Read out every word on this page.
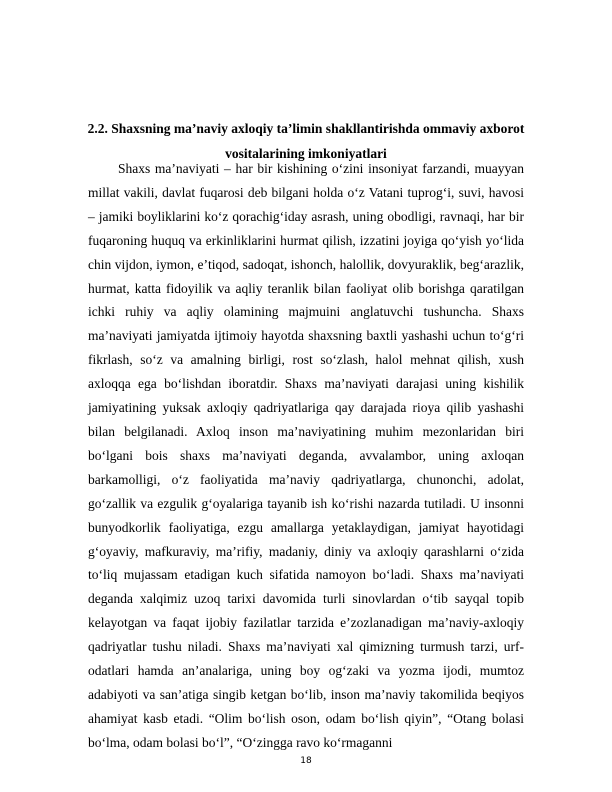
2.2. Shaxsning ma’naviy axloqiy ta’limin shakllantirishda ommaviy axborot
vositalarining imkoniyatlari

Shaxs maʼnaviyati – har bir kishining oʻzini insoniyat farzandi, muayyan millat vakili, davlat fuqarosi deb bilgani holda oʻz Vatani tuprogʻi, suvi, havosi – jamiki boyliklarini koʻz qorachigʻiday asrash, uning obodligi, ravnaqi, har bir fuqaroning huquq va erkinliklarini hurmat qilish, izzatini joyiga qoʻyish yoʻlida chin vijdon, iymon, eʼtiqod, sadoqat, ishonch, halollik, dovyuraklik, begʻarazlik, hurmat, katta fidoyilik va aqliy teranlik bilan faoliyat olib borishga qaratilgan ichki ruhiy va aqliy olamining majmuini anglatuvchi tushuncha. Shaxs maʼnaviyati jamiyatda ijtimoiy hayotda shaxsning baxtli yashashi uchun toʻgʻri fikrlash, soʻz va amalning birligi, rost soʻzlash, halol mehnat qilish, xush axloqqa ega boʻlishdan iboratdir. Shaxs maʼnaviyati darajasi uning kishilik jamiyatining yuksak axloqiy qadriyatlariga qay darajada rioya qilib yashashi bilan belgilanadi. Axloq inson maʼnaviyatining muhim mezonlaridan biri boʻlgani bois shaxs maʼnaviyati deganda, avvalambor, uning axloqan barkamolligi, oʻz faoliyatida maʼnaviy qadriyatlarga, chunonchi, adolat, goʻzallik va ezgulik gʻoyalariga tayanib ish koʻrishi nazarda tutiladi. U insonni bunyodkorlik faoliyatiga, ezgu amallarga yetaklaydigan, jamiyat hayotidagi gʻoyaviy, mafkuraviy, maʼrifiy, madaniy, diniy va axloqiy qarashlarni oʻzida toʻliq mujassam etadigan kuch sifatida namoyon boʻladi. Shaxs maʼnaviyati deganda xalqimiz uzoq tarixi davomida turli sinovlardan oʻtib sayqal topib kelayotgan va faqat ijobiy fazilatlar tarzida eʼzozlanadigan maʼnaviy-axloqiy qadriyatlar tushu niladi. Shaxs maʼnaviyati xal qimizning turmush tarzi, urf-odatlari hamda anʼanalariga, uning boy ogʻzaki va yozma ijodi, mumtoz adabiyoti va sanʼatiga singib ketgan boʻlib, inson maʼnaviy takomilida beqiyos ahamiyat kasb etadi. “Olim boʻlish oson, odam boʻlish qiyin”, “Otang bolasi boʻlma, odam bolasi boʻl”, “Oʻzingga ravo koʻrmaganni

18
